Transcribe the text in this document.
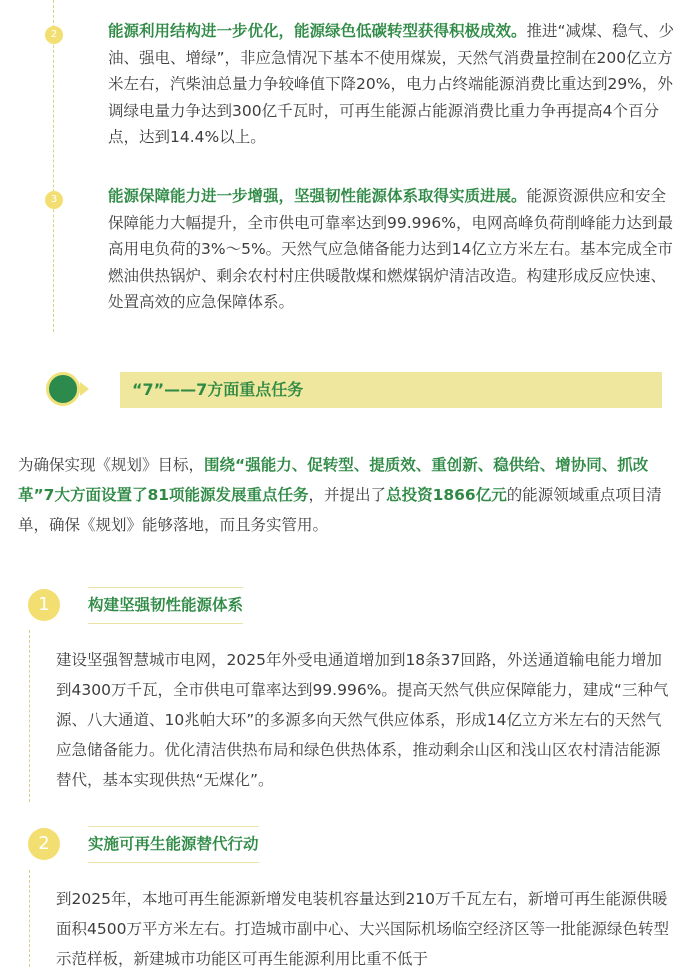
2	能源利用结构进一步优化，能源绿色低碳转型获得积极成效。推进“减煤、稳气、少油、强电、增绿”，非应急情况下基本不使用煤炭，天然气消费量控制在200亿立方米左右，汽柴油总量力争较峰值下降20%，电力占终端能源消费比重达到29%，外调绿电量力争达到300亿千瓦时，可再生能源占能源消费比重力争再提高4个百分点，达到14.4%以上。
3	能源保障能力进一步增强，坚强韧性能源体系取得实质进展。能源资源供应和安全保障能力大幅提升，全市供电可靠率达到99.996%，电网高峰负荷削峰能力达到最高用电负荷的3%～5%。天然气应急储备能力达到14亿立方米左右。基本完成全市燃油供热锅炉、剩余农村村庄供暖散煤和燃煤锅炉清洁改造。构建形成反应快速、处置高效的应急保障体系。
“7”——7方面重点任务
为确保实现《规划》目标，围绕“强能力、促转型、提质效、重创新、稳供给、增协同、抓改革”7大方面设置了81项能源发展重点任务，并提出了总投资1866亿元的能源领域重点项目清单，确保《规划》能够落地，而且务实管用。
1	构建坚强韧性能源体系
建设坚强智慧城市电网，2025年外受电通道增加到18条37回路，外送通道输电能力增加到4300万千瓦，全市供电可靠率达到99.996%。提高天然气供应保障能力，建成“三种气源、八大通道、10兆帕大环”的多源多向天然气供应体系，形成14亿立方米左右的天然气应急储备能力。优化清洁供热布局和绿色供热体系，推动剩余山区和浅山区农村清洁能源替代，基本实现供热“无煤化”。
2	实施可再生能源替代行动
到2025年，本地可再生能源新增发电装机容量达到210万千瓦左右，新增可再生能源供暖面积4500万平方米左右。打造城市副中心、大兴国际机场临空经济区等一批能源绿色转型示范样板，新建城市功能区可再生能源利用比重不低于
